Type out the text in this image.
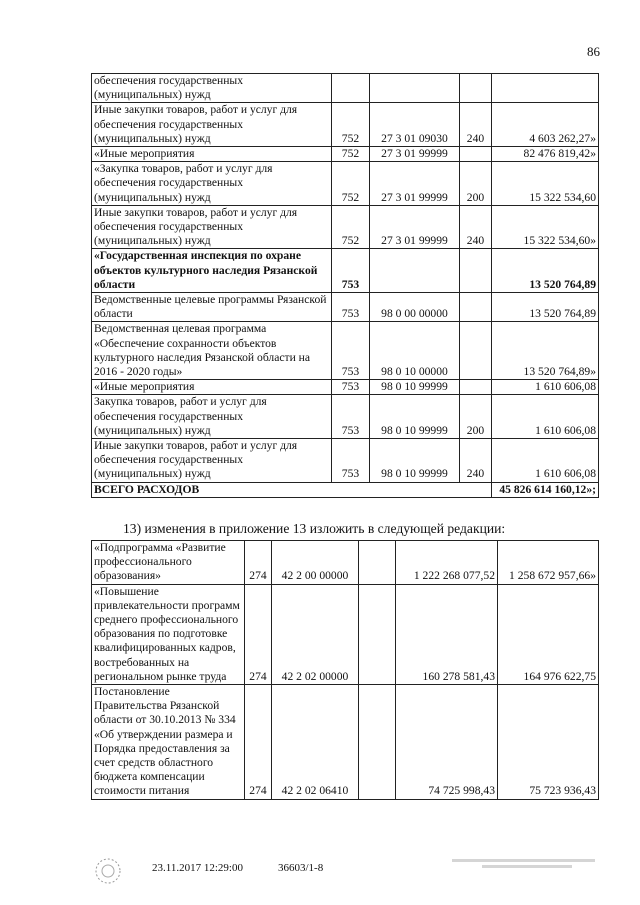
86
обеспечения государственных (муниципальных) нужд				
Иные закупки товаров, работ и услуг для обеспечения государственных (муниципальных) нужд	752	27 3 01 09030	240	4 603 262,27»
«Иные мероприятия	752	27 3 01 99999		82 476 819,42»
«Закупка товаров, работ и услуг для обеспечения государственных (муниципальных) нужд	752	27 3 01 99999	200	15 322 534,60
Иные закупки товаров, работ и услуг для обеспечения государственных (муниципальных) нужд	752	27 3 01 99999	240	15 322 534,60»
«Государственная инспекция по охране объектов культурного наследия Рязанской области	753			13 520 764,89
Ведомственные целевые программы Рязанской области	753	98 0 00 00000		13 520 764,89
Ведомственная целевая программа «Обеспечение сохранности объектов культурного наследия Рязанской области на 2016 - 2020 годы»	753	98 0 10 00000		13 520 764,89»
«Иные мероприятия	753	98 0 10 99999		1 610 606,08
Закупка товаров, работ и услуг для обеспечения государственных (муниципальных) нужд	753	98 0 10 99999	200	1 610 606,08
Иные закупки товаров, работ и услуг для обеспечения государственных (муниципальных) нужд	753	98 0 10 99999	240	1 610 606,08
ВСЕГО РАСХОДОВ				45 826 614 160,12»;
13) изменения в приложение 13 изложить в следующей редакции:
«Подпрограмма «Развитие профессионального образования»	274	42 2 00 00000		1 222 268 077,52	1 258 672 957,66»
«Повышение привлекательности программ среднего профессионального образования по подготовке квалифицированных кадров, востребованных на региональном рынке труда	274	42 2 02 00000		160 278 581,43	164 976 622,75
Постановление Правительства Рязанской области от 30.10.2013 № 334 «Об утверждении размера и Порядка предоставления за счет средств областного бюджета компенсации стоимости питания	274	42 2 02 06410		74 725 998,43	75 723 936,43
23.11.2017 12:29:00	36603/1-8
